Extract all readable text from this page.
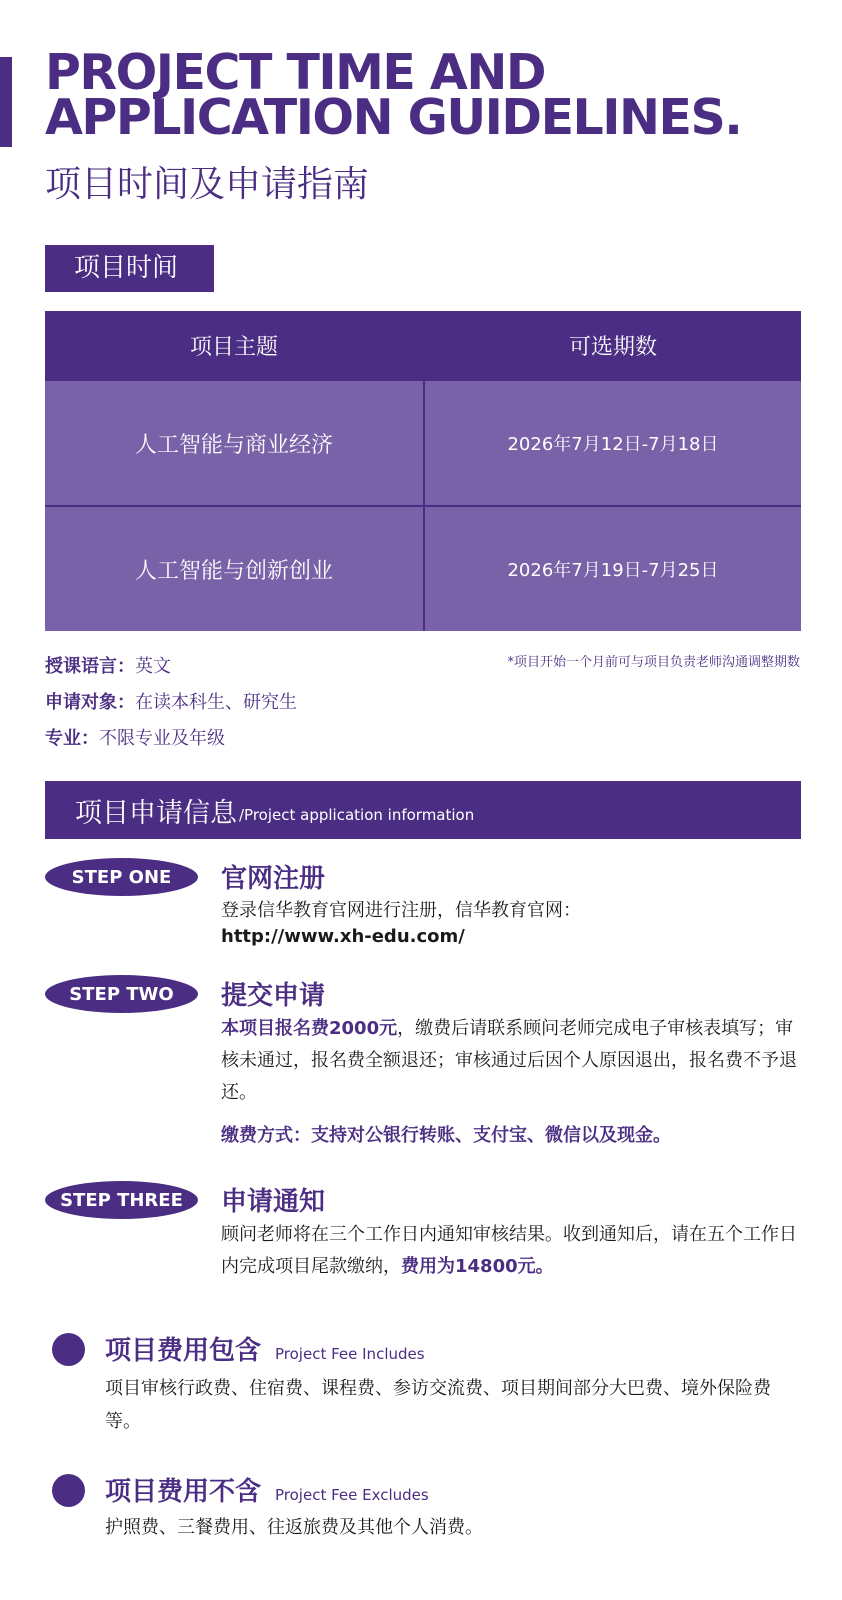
PROJECT TIME AND
APPLICATION GUIDELINES.
项目时间及申请指南
项目时间
项目主题	可选期数
人工智能与商业经济	2026年7月12日-7月18日
人工智能与创新创业	2026年7月19日-7月25日
*项目开始一个月前可与项目负责老师沟通调整期数
授课语言：英文
申请对象：在读本科生、研究生
专业：不限专业及年级
项目申请信息 /Project application information
STEP ONE	官网注册
登录信华教育官网进行注册，信华教育官网：
http://www.xh-edu.com/
STEP TWO	提交申请
本项目报名费2000元，缴费后请联系顾问老师完成电子审核表填写；审核未通过，报名费全额退还；审核通过后因个人原因退出，报名费不予退还。
缴费方式：支持对公银行转账、支付宝、微信以及现金。
STEP THREE	申请通知
顾问老师将在三个工作日内通知审核结果。收到通知后，请在五个工作日内完成项目尾款缴纳，费用为14800元。
项目费用包含 Project Fee Includes
项目审核行政费、住宿费、课程费、参访交流费、项目期间部分大巴费、境外保险费等。
项目费用不含 Project Fee Excludes
护照费、三餐费用、往返旅费及其他个人消费。
